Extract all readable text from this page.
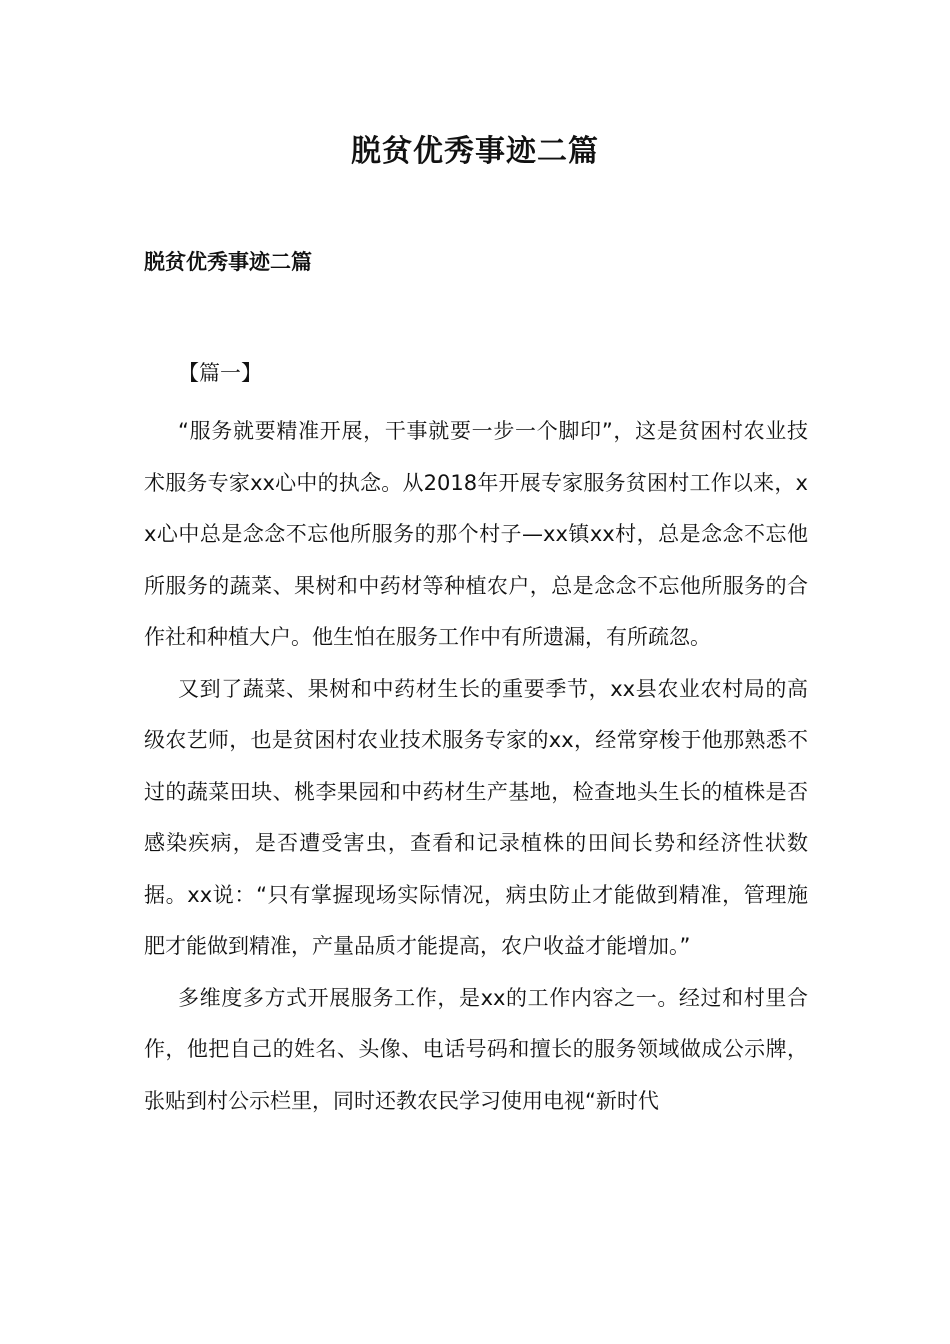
脱贫优秀事迹二篇
脱贫优秀事迹二篇

【篇一】

“服务就要精准开展，干事就要一步一个脚印”，这是贫困村农业技术服务专家xx心中的执念。从2018年开展专家服务贫困村工作以来，xx心中总是念念不忘他所服务的那个村子—xx镇xx村，总是念念不忘他所服务的蔬菜、果树和中药材等种植农户，总是念念不忘他所服务的合作社和种植大户。他生怕在服务工作中有所遗漏，有所疏忽。

又到了蔬菜、果树和中药材生长的重要季节，xx县农业农村局的高级农艺师，也是贫困村农业技术服务专家的xx，经常穿梭于他那熟悉不过的蔬菜田块、桃李果园和中药材生产基地，检查地头生长的植株是否感染疾病，是否遭受害虫，查看和记录植株的田间长势和经济性状数据。xx说：“只有掌握现场实际情况，病虫防止才能做到精准，管理施肥才能做到精准，产量品质才能提高，农户收益才能增加。”

多维度多方式开展服务工作，是xx的工作内容之一。经过和村里合作，他把自己的姓名、头像、电话号码和擅长的服务领域做成公示牌，张贴到村公示栏里，同时还教农民学习使用电视“新时代
